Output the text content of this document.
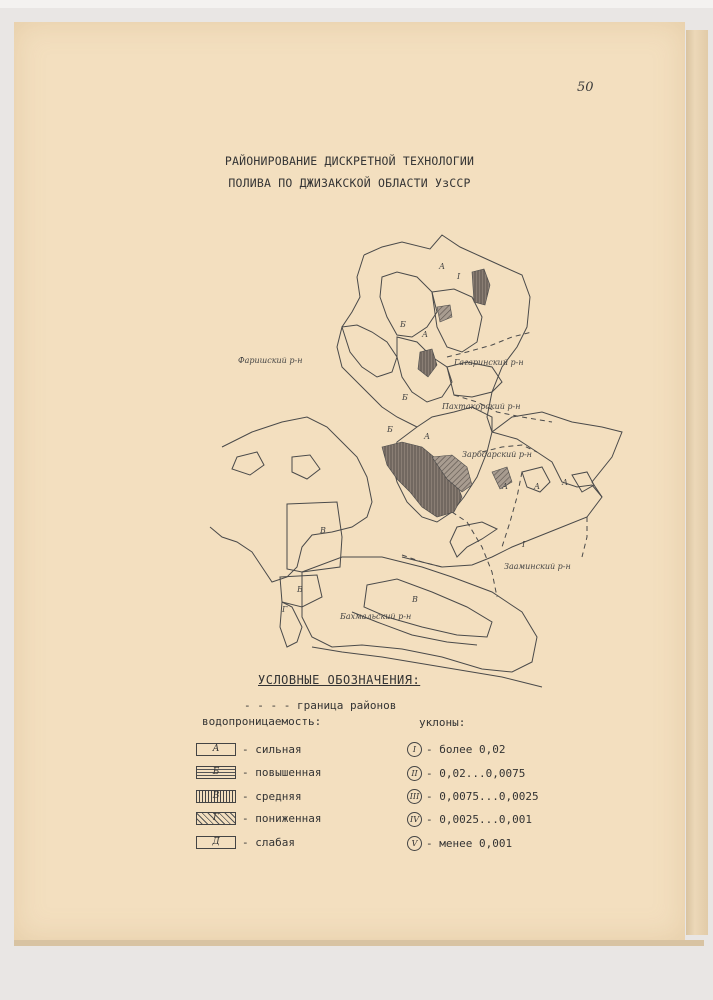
50
РАЙОНИРОВАНИЕ ДИСКРЕТНОЙ ТЕХНОЛОГИИ
ПОЛИВА ПО ДЖИЗАКСКОЙ ОБЛАСТИ УзССР
А
I
Б
А
Б
Б
А
А	А	А
В
В
Г
В
I
Фаришский р-н	Гагаринский р-н
Пахтакорский р-н
Зарбдарский р-н
Зааминский р-н
Бахмальский р-н
УСЛОВНЫЕ ОБОЗНАЧЕНИЯ:
- - - - граница районов
водопроницаемость:	уклоны:
А - сильная
Б - повышенная
В - средняя
Г - пониженная
Д - слабая
I - более 0,02
II - 0,02...0,0075
III - 0,0075...0,0025
IV - 0,0025...0,001
V - менее 0,001
